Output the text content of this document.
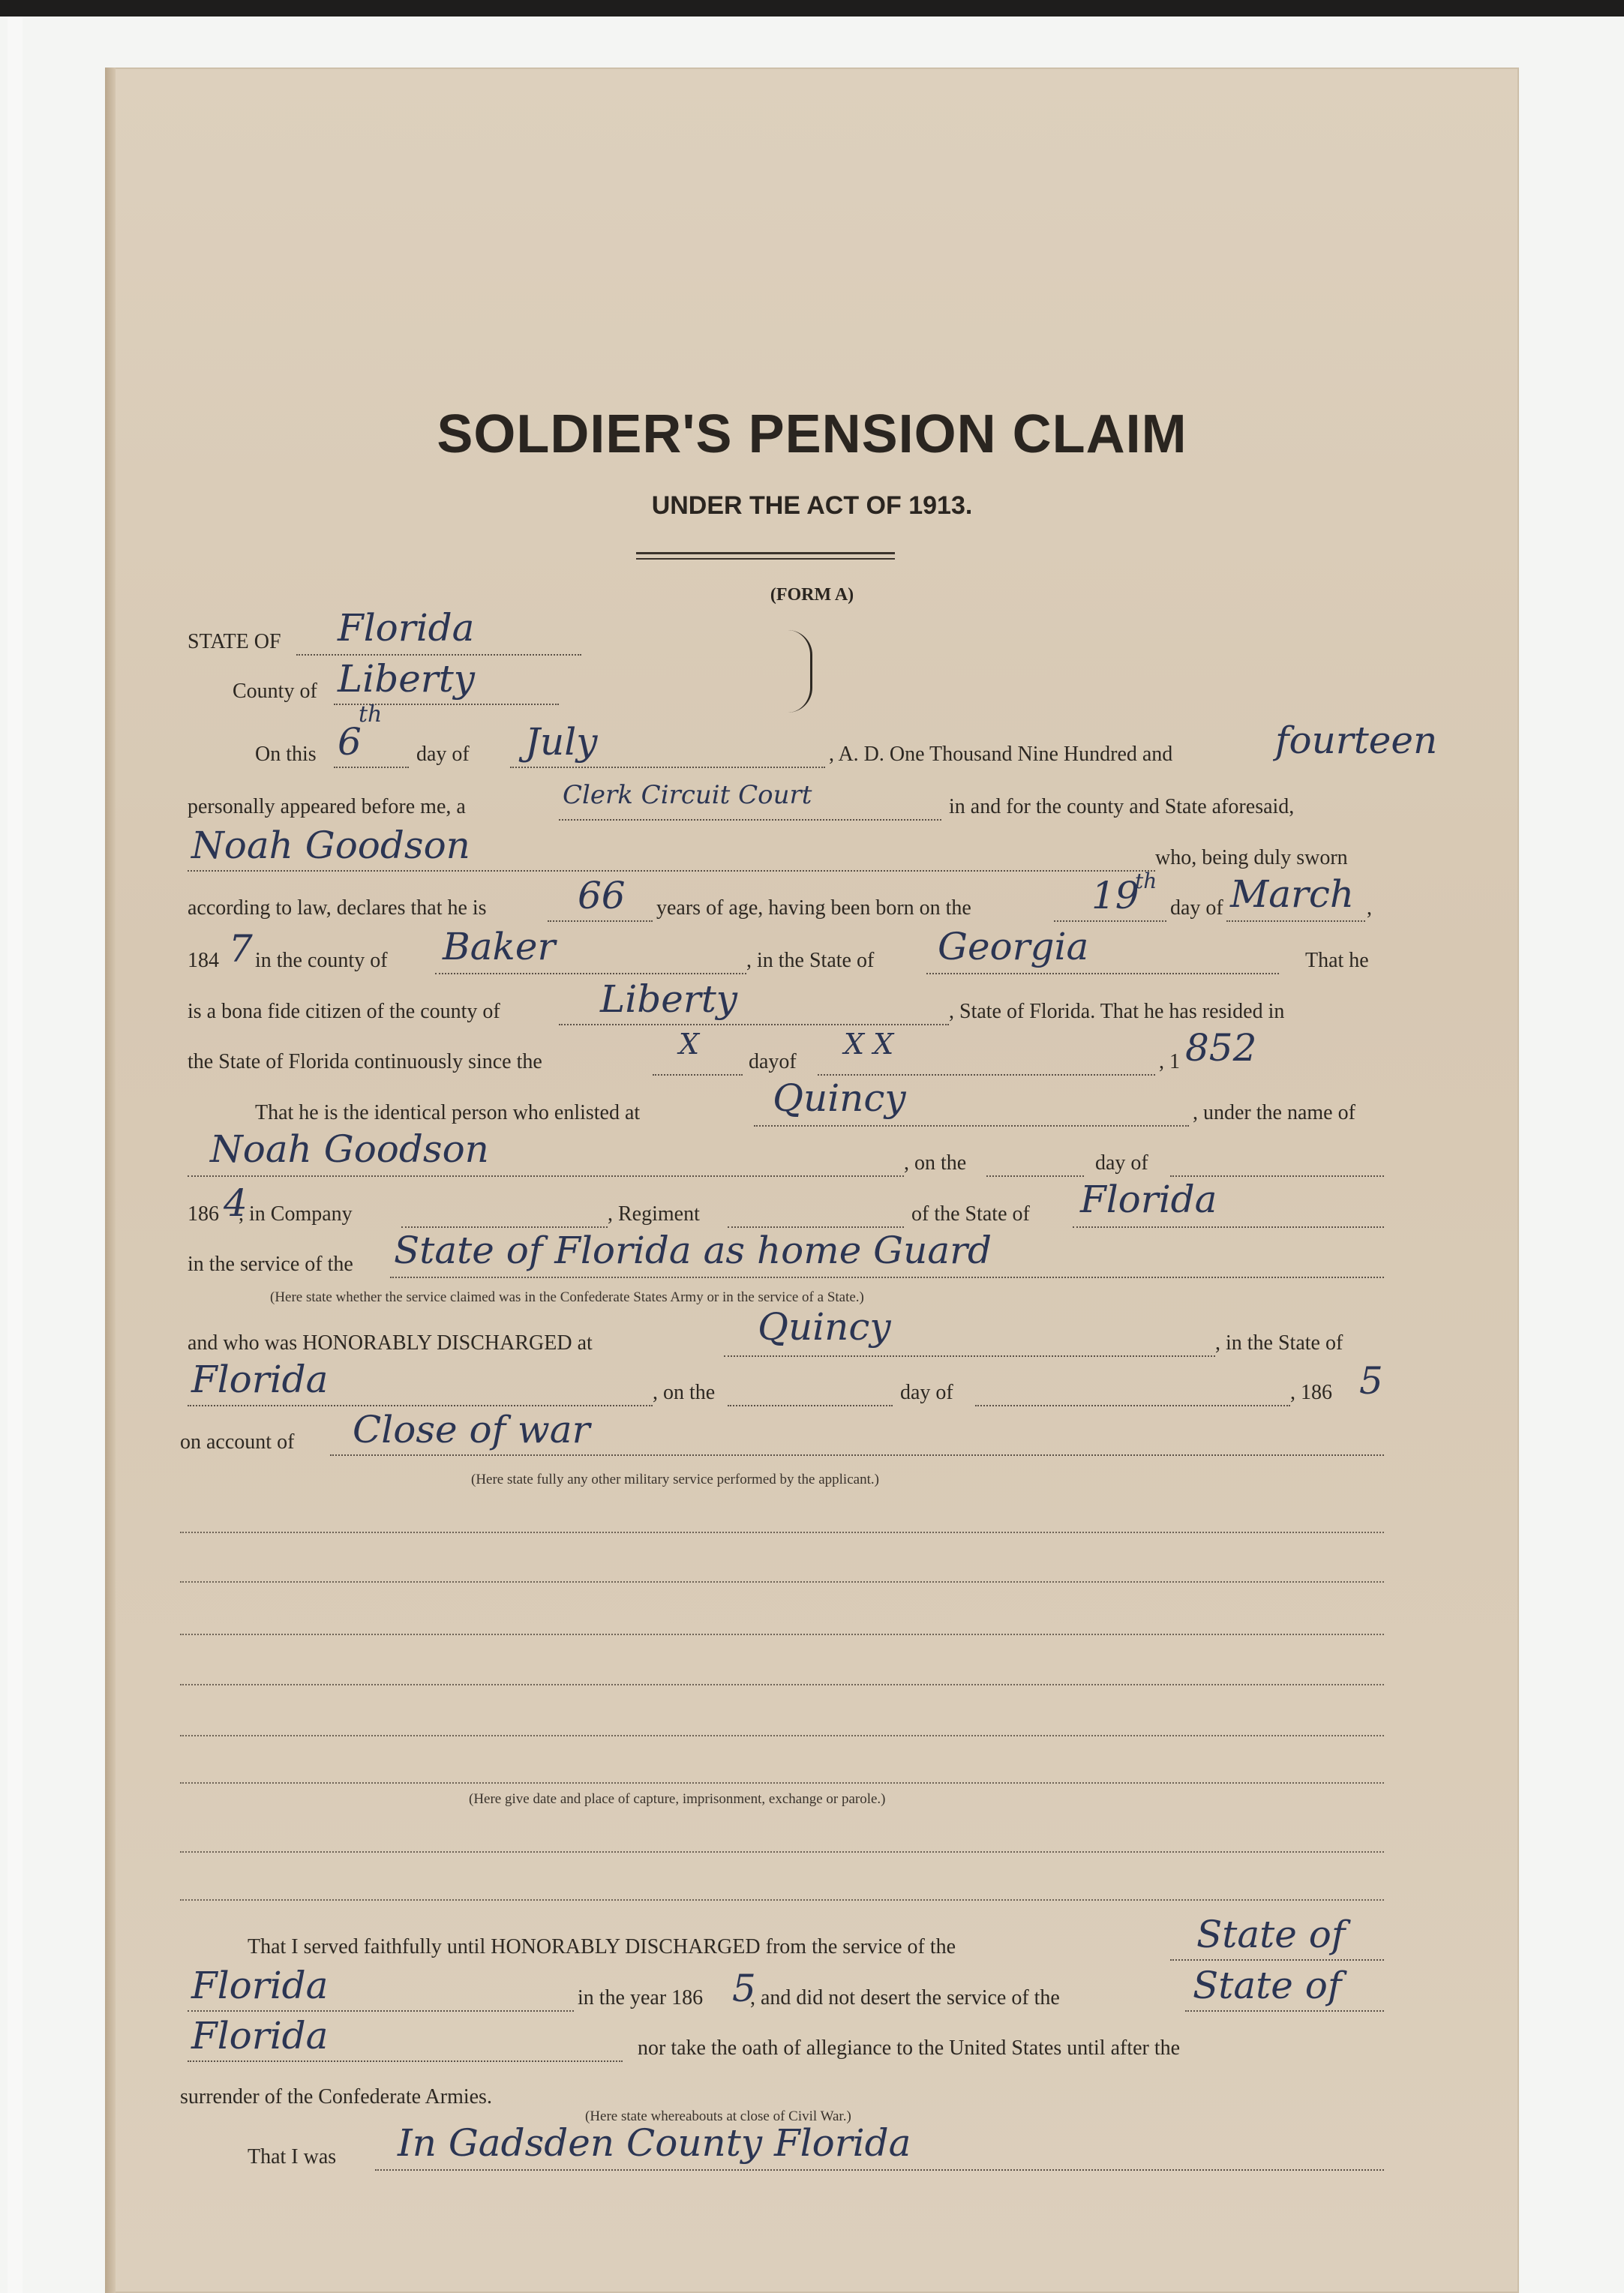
SOLDIER'S PENSION CLAIM
UNDER THE ACT OF 1913.
(FORM A)
STATE OF Florida
County of Liberty
On this 6
th
day of July	, A. D. One Thousand Nine Hundred and	fourteen
personally appeared before me, a	Clerk Circuit Court	in and for the county and State aforesaid,
Noah Goodson	who, being duly sworn
according to law, declares that he is 66 years of age, having been born on the	19
th
day of March ,
184 7 in the county of Baker	, in the State of Georgia	That he
is a bona fide citizen of the county of	Liberty	, State of Florida. That he has resided in
the State of Florida continuously since the
X
dayof
X X
, 1 852
That he is the identical person who enlisted at	Quincy	, under the name of
Noah Goodson	, on the	day of
186 4
, in Company	, Regiment	of the State of Florida
in the service of the State of Florida as home Guard
(Here state whether the service claimed was in the Confederate States Army or in the service of a State.)
and who was HONORABLY DISCHARGED at	Quincy	, in the State of
Florida	, on the	day of	, 186 5
on account of Close of war
(Here state fully any other military service performed by the applicant.)
(Here give date and place of capture, imprisonment, exchange or parole.)
That I served faithfully until HONORABLY DISCHARGED from the service of the	State of
Florida	in the year 186 5
, and did not desert the service of the	State of
Florida	nor take the oath of allegiance to the United States until after the
surrender of the Confederate Armies.
(Here state whereabouts at close of Civil War.)
That I was In Gadsden County Florida
